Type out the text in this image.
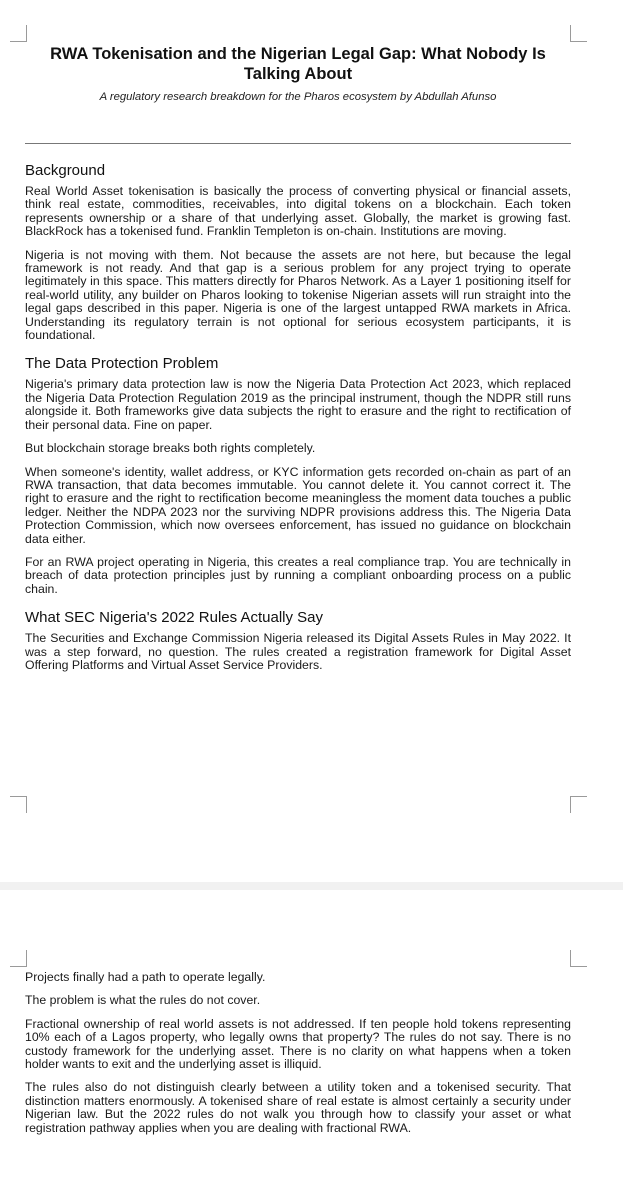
RWA Tokenisation and the Nigerian Legal Gap: What Nobody Is Talking About
A regulatory research breakdown for the Pharos ecosystem by Abdullah Afunso
Background

Real World Asset tokenisation is basically the process of converting physical or financial assets, think real estate, commodities, receivables, into digital tokens on a blockchain. Each token represents ownership or a share of that underlying asset. Globally, the market is growing fast. BlackRock has a tokenised fund. Franklin Templeton is on-chain. Institutions are moving.

Nigeria is not moving with them. Not because the assets are not here, but because the legal framework is not ready. And that gap is a serious problem for any project trying to operate legitimately in this space. This matters directly for Pharos Network. As a Layer 1 positioning itself for real-world utility, any builder on Pharos looking to tokenise Nigerian assets will run straight into the legal gaps described in this paper. Nigeria is one of the largest untapped RWA markets in Africa. Understanding its regulatory terrain is not optional for serious ecosystem participants, it is foundational.

The Data Protection Problem

Nigeria's primary data protection law is now the Nigeria Data Protection Act 2023, which replaced the Nigeria Data Protection Regulation 2019 as the principal instrument, though the NDPR still runs alongside it. Both frameworks give data subjects the right to erasure and the right to rectification of their personal data. Fine on paper.

But blockchain storage breaks both rights completely.

When someone's identity, wallet address, or KYC information gets recorded on-chain as part of an RWA transaction, that data becomes immutable. You cannot delete it. You cannot correct it. The right to erasure and the right to rectification become meaningless the moment data touches a public ledger. Neither the NDPA 2023 nor the surviving NDPR provisions address this. The Nigeria Data Protection Commission, which now oversees enforcement, has issued no guidance on blockchain data either.

For an RWA project operating in Nigeria, this creates a real compliance trap. You are technically in breach of data protection principles just by running a compliant onboarding process on a public chain.

What SEC Nigeria's 2022 Rules Actually Say

The Securities and Exchange Commission Nigeria released its Digital Assets Rules in May 2022. It was a step forward, no question. The rules created a registration framework for Digital Asset Offering Platforms and Virtual Asset Service Providers.

Projects finally had a path to operate legally.

The problem is what the rules do not cover.

Fractional ownership of real world assets is not addressed. If ten people hold tokens representing 10% each of a Lagos property, who legally owns that property? The rules do not say. There is no custody framework for the underlying asset. There is no clarity on what happens when a token holder wants to exit and the underlying asset is illiquid.

The rules also do not distinguish clearly between a utility token and a tokenised security. That distinction matters enormously. A tokenised share of real estate is almost certainly a security under Nigerian law. But the 2022 rules do not walk you through how to classify your asset or what registration pathway applies when you are dealing with fractional RWA.
